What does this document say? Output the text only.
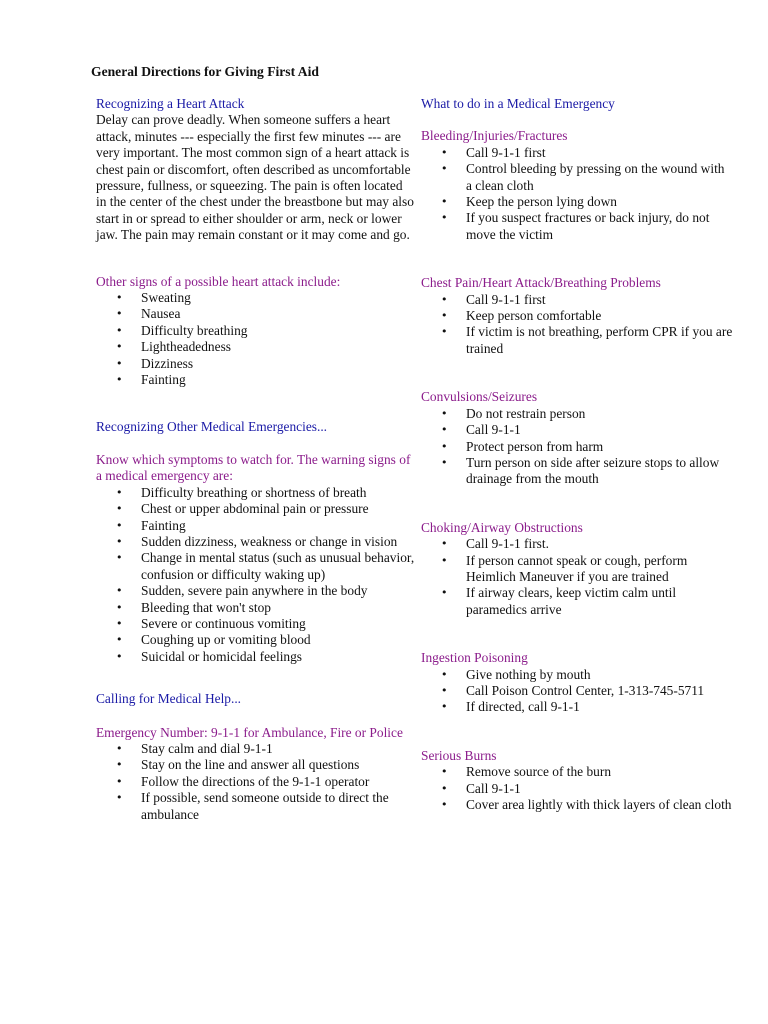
General Directions for Giving First Aid
Recognizing a Heart Attack

Delay can prove deadly. When someone suffers a heart attack, minutes --- especially the first few minutes --- are very important. The most common sign of a heart attack is chest pain or discomfort, often described as uncomfortable pressure, fullness, or squeezing. The pain is often located in the center of the chest under the breastbone but may also start in or spread to either shoulder or arm, neck or lower jaw. The pain may remain constant or it may come and go.

Other signs of a possible heart attack include:
• Sweating
• Nausea
• Difficulty breathing
• Lightheadedness
• Dizziness
• Fainting
Recognizing Other Medical Emergencies...
Know which symptoms to watch for. The warning signs of a medical emergency are:
• Difficulty breathing or shortness of breath
• Chest or upper abdominal pain or pressure
• Fainting
• Sudden dizziness, weakness or change in vision
• Change in mental status (such as unusual behavior, confusion or difficulty waking up)
• Sudden, severe pain anywhere in the body
• Bleeding that won't stop
• Severe or continuous vomiting
• Coughing up or vomiting blood
• Suicidal or homicidal feelings
Calling for Medical Help...
Emergency Number: 9-1-1 for Ambulance, Fire or Police
• Stay calm and dial 9-1-1
• Stay on the line and answer all questions
• Follow the directions of the 9-1-1 operator
• If possible, send someone outside to direct the ambulance
What to do in a Medical Emergency
Bleeding/Injuries/Fractures
• Call 9-1-1 first
• Control bleeding by pressing on the wound with a clean cloth
• Keep the person lying down
• If you suspect fractures or back injury, do not move the victim
Chest Pain/Heart Attack/Breathing Problems
• Call 9-1-1 first
• Keep person comfortable
• If victim is not breathing, perform CPR if you are trained
Convulsions/Seizures
• Do not restrain person
• Call 9-1-1
• Protect person from harm
• Turn person on side after seizure stops to allow drainage from the mouth
Choking/Airway Obstructions
• Call 9-1-1 first.
• If person cannot speak or cough, perform Heimlich Maneuver if you are trained
• If airway clears, keep victim calm until paramedics arrive
Ingestion Poisoning
• Give nothing by mouth
• Call Poison Control Center, 1-313-745-5711
• If directed, call 9-1-1
Serious Burns
• Remove source of the burn
• Call 9-1-1
• Cover area lightly with thick layers of clean cloth
